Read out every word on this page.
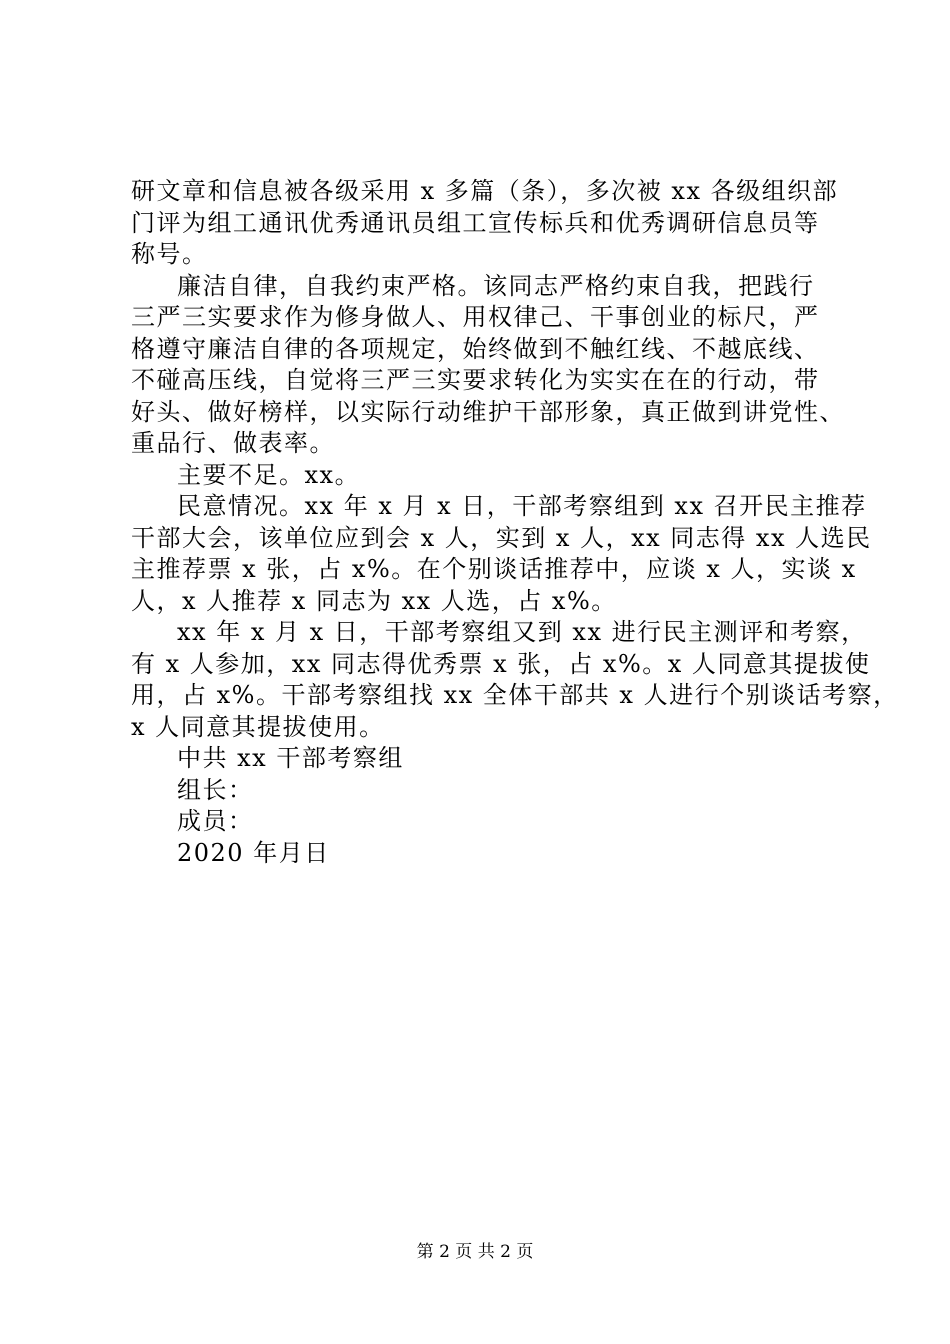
研文章和信息被各级采用 x 多篇（条），多次被 xx 各级组织部
门评为组工通讯优秀通讯员组工宣传标兵和优秀调研信息员等
称号。
廉洁自律，自我约束严格。该同志严格约束自我，把践行
三严三实要求作为修身做人、用权律己、干事创业的标尺，严
格遵守廉洁自律的各项规定，始终做到不触红线、不越底线、
不碰高压线，自觉将三严三实要求转化为实实在在的行动，带
好头、做好榜样，以实际行动维护干部形象，真正做到讲党性、
重品行、做表率。
主要不足。xx。
民意情况。xx 年 x 月 x 日，干部考察组到 xx 召开民主推荐
干部大会，该单位应到会 x 人，实到 x 人，xx 同志得 xx 人选民
主推荐票 x 张，占 x%。在个别谈话推荐中，应谈 x 人，实谈 x
人，x 人推荐 x 同志为 xx 人选，占 x%。
xx 年 x 月 x 日，干部考察组又到 xx 进行民主测评和考察，
有 x 人参加，xx 同志得优秀票 x 张，占 x%。x 人同意其提拔使
用，占 x%。干部考察组找 xx 全体干部共 x 人进行个别谈话考察，
x 人同意其提拔使用。
中共 xx 干部考察组
组长：
成员：
2020 年月日
第 2 页 共 2 页
